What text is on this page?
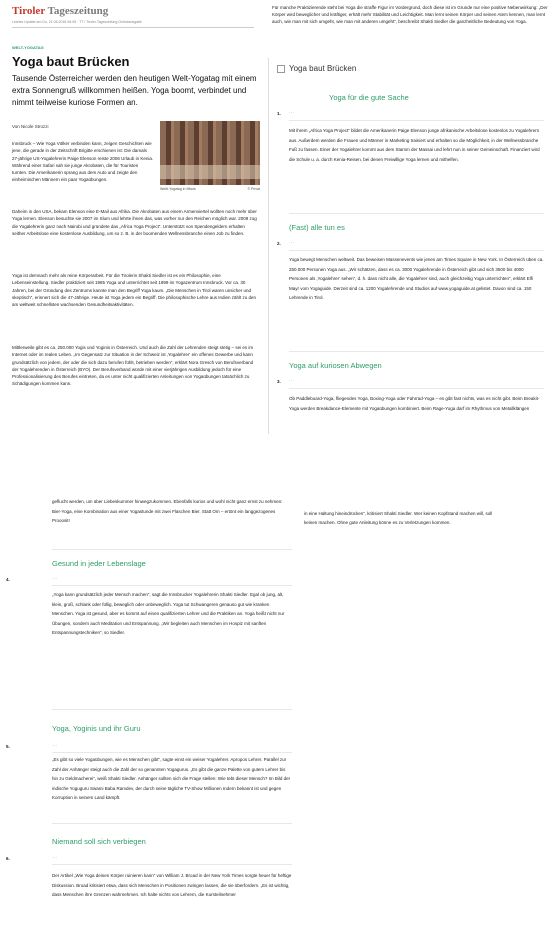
Tiroler Tageszeitung
Letztes Update am Do, 21.06.2018 06:08 · TT / Tiroler Tageszeitung Onlineausgabe
WELT-YOGATAG
Yoga baut Brücken
Tausende Österreicher werden den heutigen Welt-Yogatag mit einem extra Sonnengruß willkommen heißen. Yoga boomt, verbindet und nimmt teilweise kuriose Formen an.
Von Nicole Strozzi
Weltt-Yogatag in Mtsok	© Privat
Innsbruck – Wie Yoga Völker verbinden kann, zeigen Geschichten wie jene, die gerade in der Zeitschrift Brigitte erschienen ist: Die damals 27-jährige US-Yogalehrerin Paige Elenson reiste 2006 Urlaub in Kenia. Während einer Safari sah sie junge Akrobaten, die für Touristen turnten. Die Amerikanerin sprang aus dem Auto und zeigte den einheimischen Männern ein paar Yogaübungen.
Daheim in den USA, bekam Elenson eine E-Mail aus Afrika. Die Akrobaten aus einem Armenviertel wollten noch mehr über Yoga lernen. Elenson besuchte sie 2007 im Slum und lehrte ihnen das, was vorher nur den Reichen möglich war. 2009 zog die Yogalehrerin ganz nach Nairobi und gründete das „Africa Yoga Project“. Unterstützt von Spendengeldern erhalten seither Arbeitslose eine kostenlose Ausbildung, um so z. B. in der boomenden Wellnessbranche einen Job zu finden.
Yoga ist demnach mehr als reine Körperarbeit. Für die Tirolerin Shakti Siedler ist es ein Philosophie, eine Lebenseinstellung. Siedler praktiziert seit 1985 Yoga und unterrichtet seit 1999 im Yogazentrum Innsbruck. Vor ca. 30 Jahren, bei der Gründung des Zentrums kannte man den Begriff Yoga kaum. „Die Menschen in Tirol waren unsicher und skeptisch“, erinnert sich die 47-Jährige. Heute ist Yoga jedem ein Begriff. Die philosophische Lehre aus Indien zählt zu den am weltweit schnellsten wachsenden Gesundheitsaktivitäten.
Mittlerweile gibt es ca. 250.000 Yogis und Yoginis in Österreich. Und auch die Zahl der Lehrenden steigt stetig – sei es im Internet oder im realen Leben. „Im Gegensatz zur Situation in der Schweiz ist ‚Yogalehrer‘ ein offenes Gewerbe und kann grundsätzlich von jedem, der oder die sich dazu berufen fühlt, betrieben werden“, erklärt Nora Gresch von Berufsverband der Yogalehrenden in Österreich (BYO). Der Berufsverband würde mit einer vierjährigen Ausbildung jedoch für eine Professionalisierung des Berufes eintreten, da es unter nicht qualifizierten Anleitungen von Yogaübungen tatsächlich zu Schädigungen kommen kann.
Für manche Praktizierende steht bei Yoga die straffe Figur im Vordergrund, doch diese ist im Grunde nur eine positive Nebenwirkung: „Der Körper wird beweglicher und kräftiger, erhält mehr Stabilität und Leichtigkeit. Man lernt seinen Körper und seinen Atem kennen, man lernt auch, wie man mit sich umgeht, wie man mit anderen umgeht“, beschreibt Shakti Siedler die ganzheitliche Bedeutung von Yoga.
Yoga baut Brücken
Yoga für die gute Sache
1. ···
Mit ihrem „Africa Yoga Project“ bildet die Amerikanerin Paige Elenson junge afrikanische Arbeitslose kostenlos zu Yogalehrern aus. Außerdem werden die Frauen und Männer in Marketing trainiert und erhalten so die Möglichkeit, in der Wellnessbranche Fuß zu fassen. Einer der Yogalehrer kommt aus dem Stamm der Massai und lehrt nun in seiner Gemeinschaft. Finanziert wird die Schule u. a. durch Kenia-Reisen, bei denen Freiwillige Yoga lernen und mithelfen.
(Fast) alle tun es
2. ···
Yoga bewegt Menschen weltweit. Das beweisen Massenevents wie jenes am Times Square in New York. In Österreich üben ca. 250.000 Personen Yoga aus. „Wir schätzen, dass es ca. 3000 Yogalehrende in Österreich gibt und sich 3500 bis 4000 Personen als ‚Yogalehrer‘ sehen“, d. h. dass nicht alle, die Yogalehrer sind, auch gleichzeitig Yoga unterrichten“, erklärt Elfi Mayr vom Yogaguide. Derzeit sind ca. 1200 Yogalehrende und Studios auf www.yogaguide.at gelistet. Davon sind ca. 150 Lehrende in Tirol.
Yoga auf kuriosen Abwegen
3. ···
Ob Paddleboard-Yoga, fliegendes Yoga, Boxing-Yoga oder Fahrrad-Yoga – es gibt fast nichts, was es nicht gibt. Beim Breakit-Yoga werden Breakdance-Elemente mit Yogaübungen kombiniert. Beim Rage-Yoga darf im Rhythmus von Metallklängen
4.
5.
6.
geflucht werden, um über Liebeskummer hinwegzukommen. Ebenfalls kurios und wohl nicht ganz ernst zu nehmen: Bier-Yoga, eine Kombination aus einer Yogastunde mit zwei Flaschen Bier. Statt Om – ertönt ein langgezogenes Prooosit!
Gesund in jeder Lebenslage
···
„Yoga kann grundsätzlich jeder Mensch machen“, sagt die Innsbrucker Yogalehrerin Shakti Siedler. Egal ob jung, alt, klein, groß, schlank oder füllig, beweglich oder unbeweglich. Yoga tut Schwangeren genauso gut wie kranken Menschen. Yoga ist gesund, aber es kommt auf einen qualifizierten Lehrer und die Praktiken an. Yoga heißt nicht nur Übungen, sondern auch Meditation und Entspannung. „Wir begleiten auch Menschen im Hospiz mit sanften Entspannungstechniken“, so Siedler.
Yoga, Yoginis und ihr Guru
···
„Es gibt so viele Yogaübungen, wie es Menschen gibt“, sagte einst ein weiser Yogalehrer. Apropos Lehrer. Parallel zur Zahl der Anhänger steigt auch die Zahl der so genannten Yogagurus. „Es gibt die ganze Palette von gutem Lehrer bis hin zu Geldmacherei“, weiß Shakti Siedler. Anhänger sollten sich die Frage stellen: Wie tebt dieser Mensch? Im Bild der indische Yoguguru Swami Baba Ramdev, der durch seine tägliche TV-Show Millionen Indern bekannt ist und gegen Korruption in seinem Land kämpft.
Niemand soll sich verbiegen
···
Der Artikel „Wie Yoga deinen Körper ruinieren kann“ von William J. Broad in der New York Times sorgte heuer für heftige Diskussion. Broad kritisiert etwa, dass sich Menschen in Positionen zwingen lassen, die sie überfordern. „Es ist wichtig, dass Menschen ihre Grenzen wahrnehmen. Ich halte nichts von Lehrern, die Kursteilnehmer
in eine Haltung hineindrücken“, kritisiert Shakti Siedler. Wer keinen Kopfstand machen will, soll keinen machen. Ohne gute Anleitung könne es zu Verletzungen kommen.
